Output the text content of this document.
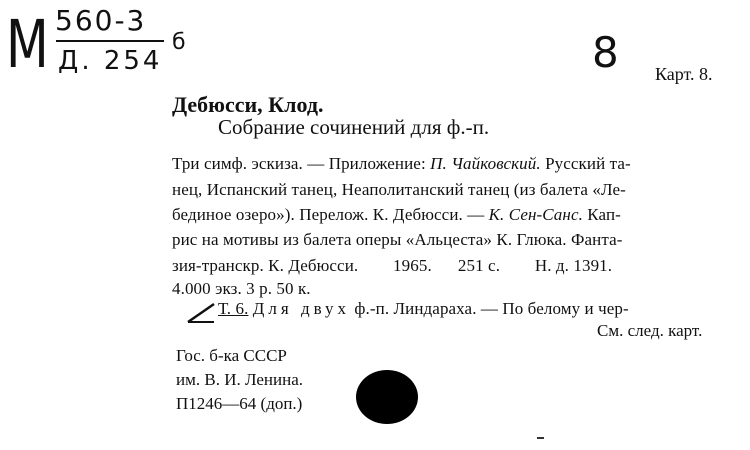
M 560-3
Д. 254
б	8 Карт. 8.
Дебюсси, Клод.
Собрание сочинений для ф.-п.
Три симф. эскиза. — Приложение: П. Чайковский. Русский та-
нец, Испанский танец, Неаполитанский танец (из балета «Ле-
бединое озеро»). Перелож. К. Дебюсси. — К. Сен-Санс. Кап-
рис на мотивы из балета оперы «Альцеста» К. Глюка. Фанта-
зия-транскр. К. Дебюсси.        1965.      251 с.        Н. д. 1391.
4.000 экз. 3 р. 50 к.
Т. 6. Для двух ф.-п. Линдараха. — По белому и чер-
См. след. карт.
Гос. б-ка СССР
им. В. И. Ленина.
П1246—64 (доп.)
